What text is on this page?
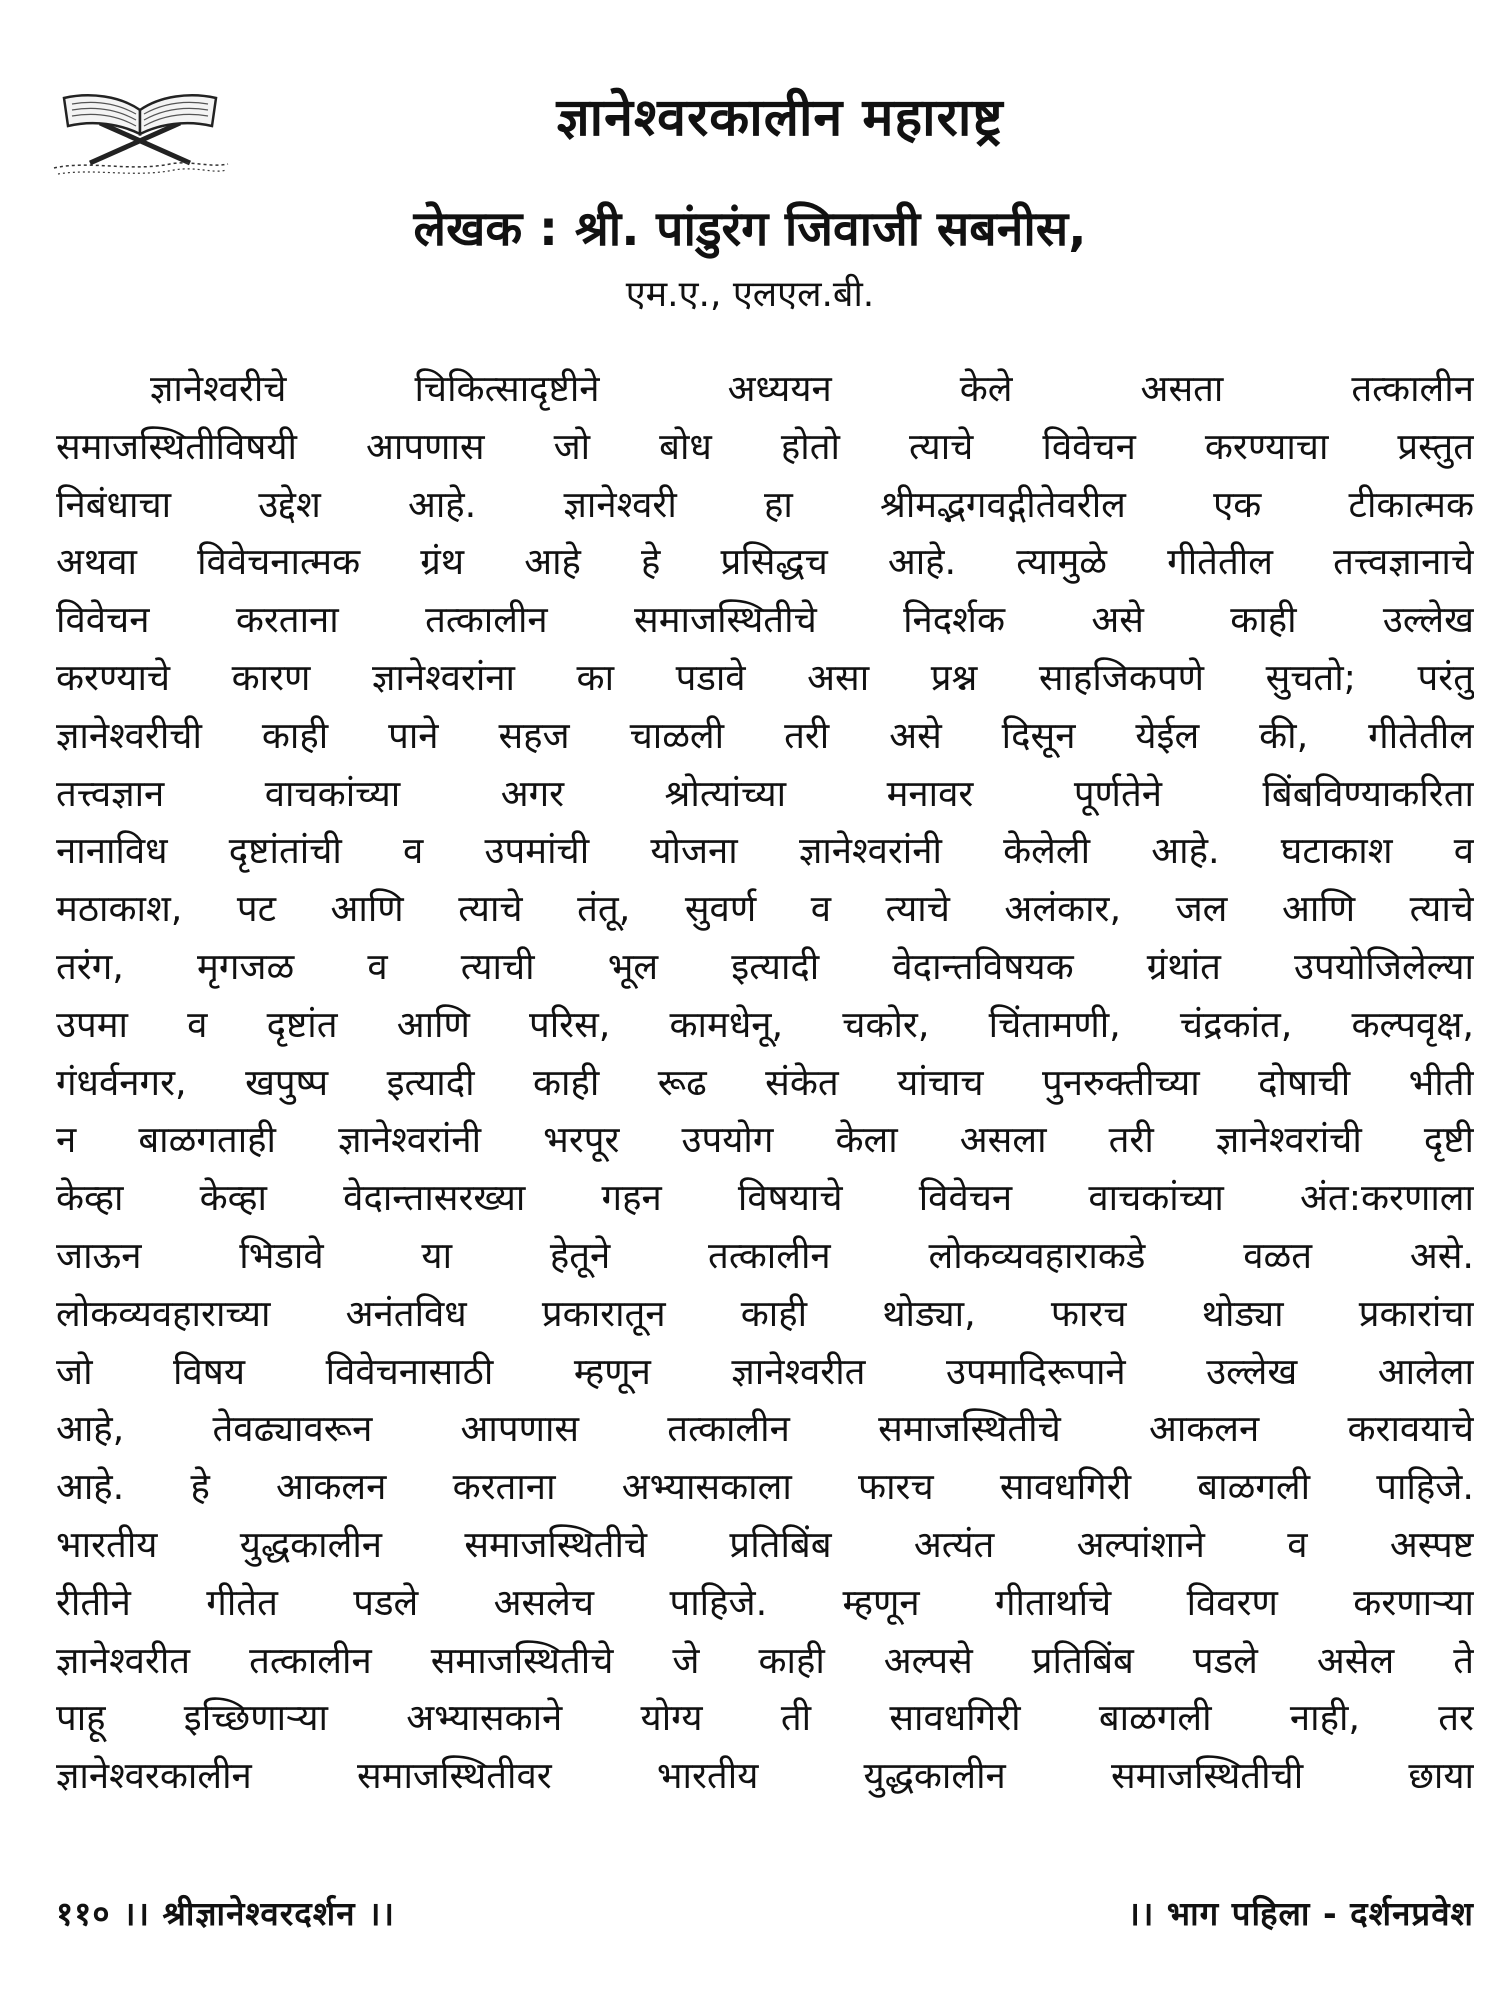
ज्ञानेश्वरकालीन महाराष्ट्र
लेखक : श्री. पांडुरंग जिवाजी सबनीस,
एम.ए., एलएल.बी.
ज्ञानेश्वरीचे चिकित्सादृष्टीने अध्ययन केले असता तत्कालीन
समाजस्थितीविषयी आपणास जो बोध होतो त्याचे विवेचन करण्याचा प्रस्तुत
निबंधाचा उद्देश आहे. ज्ञानेश्वरी हा श्रीमद्भगवद्गीतेवरील एक टीकात्मक
अथवा विवेचनात्मक ग्रंथ आहे हे प्रसिद्धच आहे. त्यामुळे गीतेतील तत्त्वज्ञानाचे
विवेचन करताना तत्कालीन समाजस्थितीचे निदर्शक असे काही उल्लेख
करण्याचे कारण ज्ञानेश्वरांना का पडावे असा प्रश्न साहजिकपणे सुचतो; परंतु
ज्ञानेश्वरीची काही पाने सहज चाळली तरी असे दिसून येईल की, गीतेतील
तत्त्वज्ञान वाचकांच्या अगर श्रोत्यांच्या मनावर पूर्णतेने बिंबविण्याकरिता
नानाविध दृष्टांतांची व उपमांची योजना ज्ञानेश्वरांनी केलेली आहे. घटाकाश व
मठाकाश, पट आणि त्याचे तंतू, सुवर्ण व त्याचे अलंकार, जल आणि त्याचे
तरंग, मृगजळ व त्याची भूल इत्यादी वेदान्तविषयक ग्रंथांत उपयोजिलेल्या
उपमा व दृष्टांत आणि परिस, कामधेनू, चकोर, चिंतामणी, चंद्रकांत, कल्पवृक्ष,
गंधर्वनगर, खपुष्प इत्यादी काही रूढ संकेत यांचाच पुनरुक्तीच्या दोषाची भीती
न बाळगताही ज्ञानेश्वरांनी भरपूर उपयोग केला असला तरी ज्ञानेश्वरांची दृष्टी
केव्हा केव्हा वेदान्तासरख्या गहन विषयाचे विवेचन वाचकांच्या अंत:करणाला
जाऊन भिडावे या हेतूने तत्कालीन लोकव्यवहाराकडे वळत असे.
लोकव्यवहाराच्या अनंतविध प्रकारातून काही थोड्या, फारच थोड्या प्रकारांचा
जो विषय विवेचनासाठी म्हणून ज्ञानेश्वरीत उपमादिरूपाने उल्लेख आलेला
आहे, तेवढ्यावरून आपणास तत्कालीन समाजस्थितीचे आकलन करावयाचे
आहे. हे आकलन करताना अभ्यासकाला फारच सावधगिरी बाळगली पाहिजे.
भारतीय युद्धकालीन समाजस्थितीचे प्रतिबिंब अत्यंत अल्पांशाने व अस्पष्ट
रीतीने गीतेत पडले असलेच पाहिजे. म्हणून गीतार्थाचे विवरण करणाऱ्या
ज्ञानेश्वरीत तत्कालीन समाजस्थितीचे जे काही अल्पसे प्रतिबिंब पडले असेल ते
पाहू इच्छिणाऱ्या अभ्यासकाने योग्य ती सावधगिरी बाळगली नाही, तर
ज्ञानेश्वरकालीन समाजस्थितीवर भारतीय युद्धकालीन समाजस्थितीची छाया
११० ।। श्रीज्ञानेश्वरदर्शन ।।	।। भाग पहिला - दर्शनप्रवेश
